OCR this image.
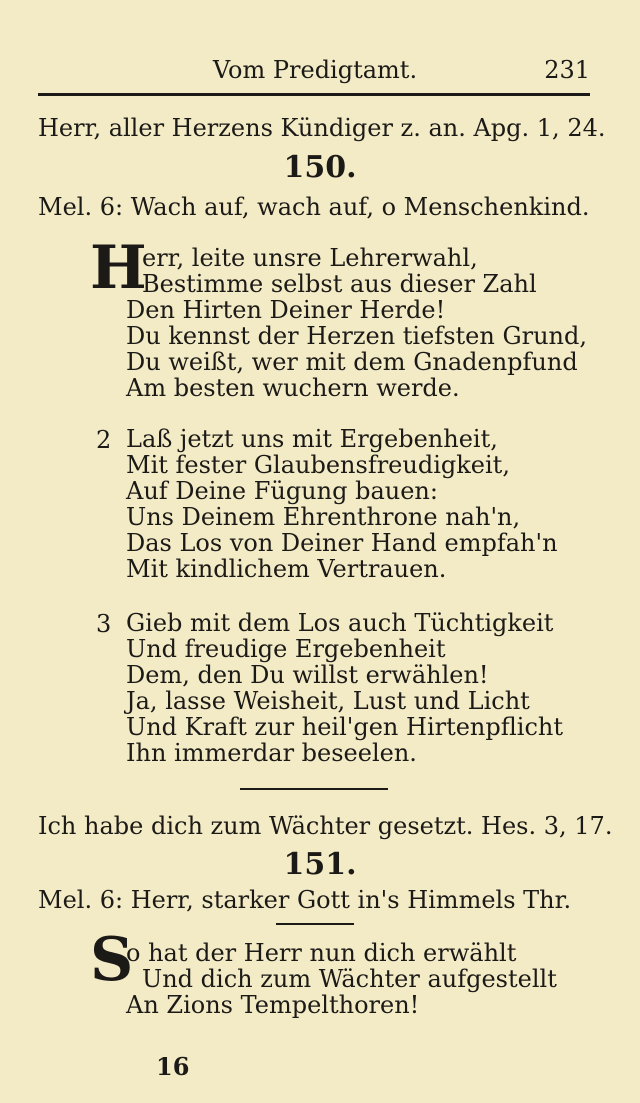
Vom Predigtamt.	231
Herr, aller Herzens Kündiger z. an. Apg. 1, 24.
150.
Mel. 6: Wach auf, wach auf, o Menschenkind.
H
err, leite unsre Lehrerwahl,
Bestimme selbst aus dieser Zahl
Den Hirten Deiner Herde!
Du kennst der Herzen tiefsten Grund,
Du weißt, wer mit dem Gnadenpfund
Am besten wuchern werde.
2 Laß jetzt uns mit Ergebenheit,
Mit fester Glaubensfreudigkeit,
Auf Deine Fügung bauen:
Uns Deinem Ehrenthrone nah'n,
Das Los von Deiner Hand empfah'n
Mit kindlichem Vertrauen.
3 Gieb mit dem Los auch Tüchtigkeit
Und freudige Ergebenheit
Dem, den Du willst erwählen!
Ja, lasse Weisheit, Lust und Licht
Und Kraft zur heil'gen Hirtenpflicht
Ihn immerdar beseelen.
Ich habe dich zum Wächter gesetzt. Hes. 3, 17.
151.
Mel. 6: Herr, starker Gott in's Himmels Thr.
S
o hat der Herr nun dich erwählt
Und dich zum Wächter aufgestellt
An Zions Tempelthoren!
16
